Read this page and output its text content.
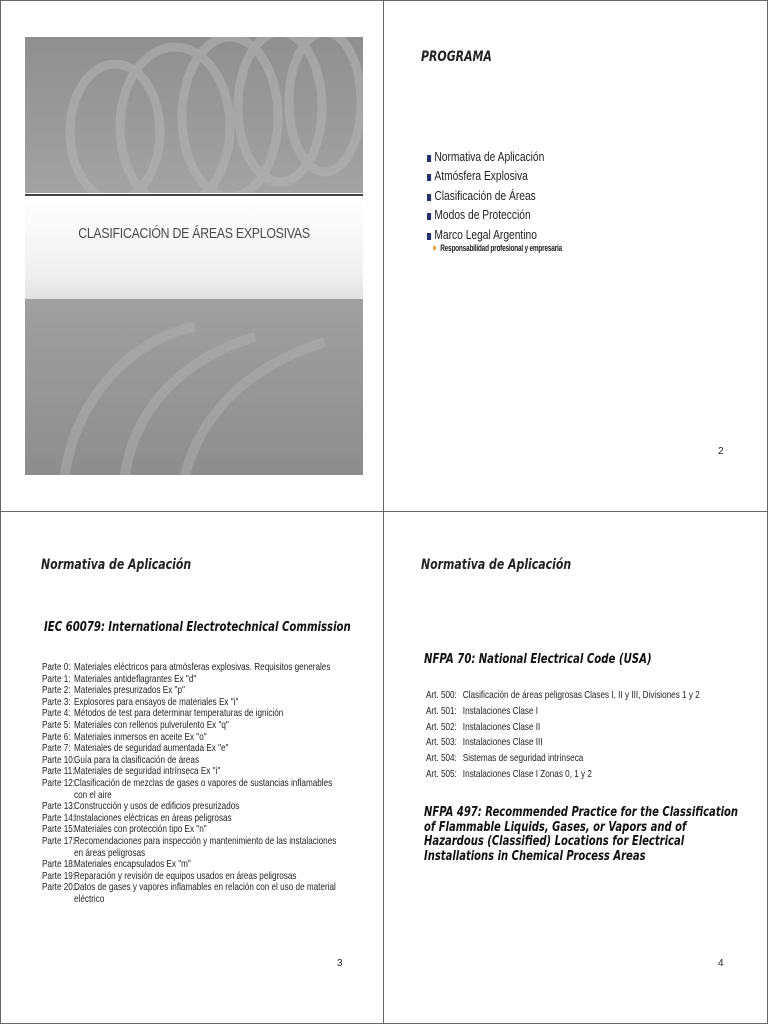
CLASIFICACIÓN DE ÁREAS EXPLOSIVAS
PROGRAMA
Normativa de Aplicación
Atmósfera Explosiva
Clasificación de Áreas
Modos de Protección
Marco Legal Argentino
Responsabilidad profesional y empresaria
2
Normativa de Aplicación
IEC 60079: International Electrotechnical Commission
Parte 0: Materiales eléctricos para atmósferas explosivas. Requisitos generales
Parte 1: Materiales antideflagrantes Ex "d"
Parte 2: Materiales presurizados Ex "p"
Parte 3: Explosores para ensayos de materiales Ex "i"
Parte 4: Métodos de test para determinar temperaturas de ignición
Parte 5: Materiales con rellenos pulverulento Ex "q"
Parte 6: Materiales inmersos en aceite Ex "o"
Parte 7: Materiales de seguridad aumentada Ex "e"
Parte 10:
Guía para la clasificación de áreas
Parte 11: Materiales de seguridad intrínseca Ex "i"
Parte 12:
Clasificación de mezclas de gases o vapores de sustancias inflamables con el aire
Parte 13:
Construcción y usos de edificios presurizados
Parte 14:
Instalaciones eléctricas en áreas peligrosas
Parte 15:
Materiales con protección tipo Ex "n"
Parte 17:
Recomendaciones para inspección y mantenimiento de las instalaciones en áreas peligrosas
Parte 18:
Materiales encapsulados Ex "m"
Parte 19:
Reparación y revisión de equipos usados en áreas peligrosas
Parte 20:
Datos de gases y vapores inflamables en relación con el uso de material eléctrico
3
Normativa de Aplicación
NFPA 70: National Electrical Code (USA)
Art. 500: Clasificación de áreas peligrosas Clases I, II y III, Divisiones 1 y 2
Art. 501: Instalaciones Clase I
Art. 502: Instalaciones Clase II
Art. 503: Instalaciones Clase III
Art. 504: Sistemas de seguridad intrínseca
Art. 505: Instalaciones Clase I Zonas 0, 1 y 2
NFPA 497: Recommended Practice for the Classification of Flammable Liquids, Gases, or Vapors and of Hazardous (Classified) Locations for Electrical Installations in Chemical Process Areas
4
